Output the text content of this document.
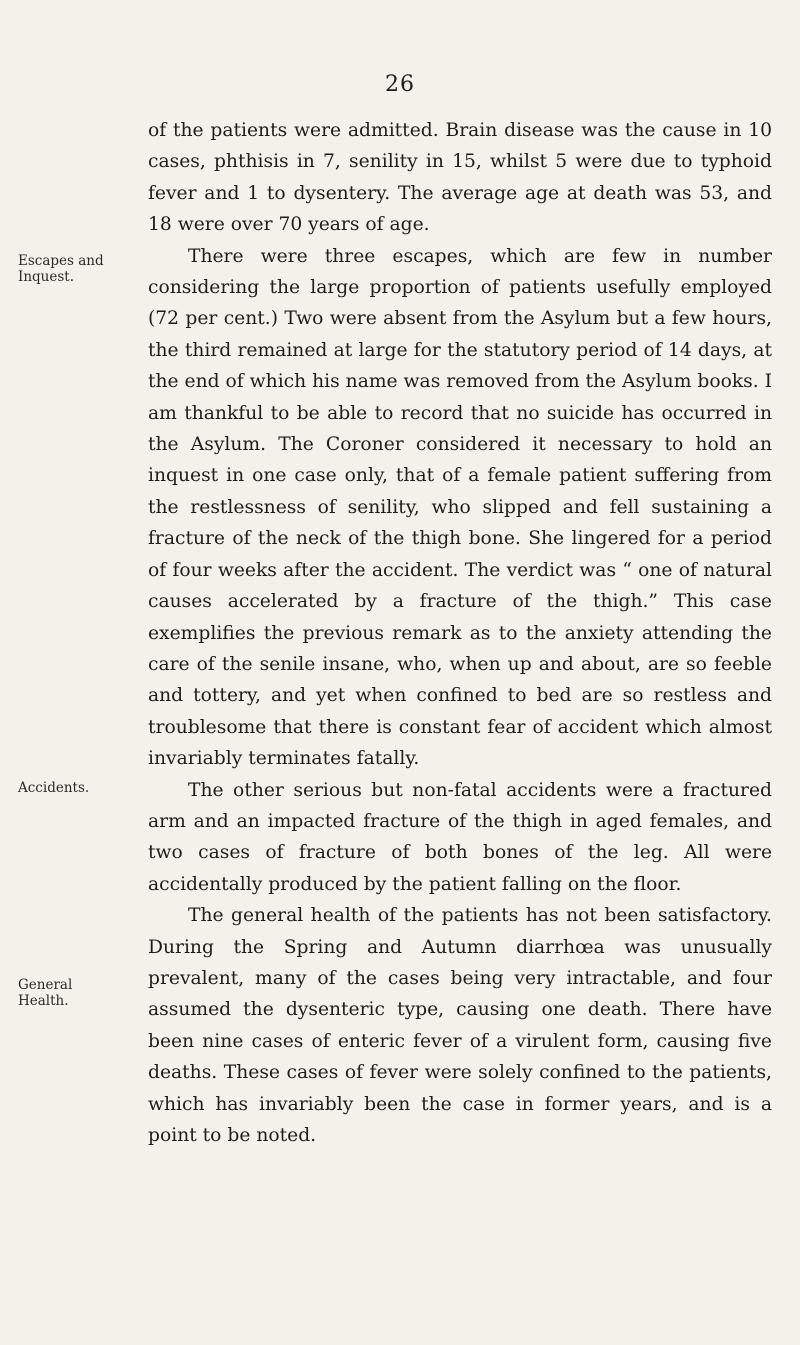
26
Escapes and Inquest.
Accidents.
General Health.

of the patients were admitted. Brain disease was the cause in 10 cases, phthisis in 7, senility in 15, whilst 5 were due to typhoid fever and 1 to dysentery. The average age at death was 53, and 18 were over 70 years of age.

There were three escapes, which are few in number considering the large proportion of patients usefully employed (72 per cent.) Two were absent from the Asylum but a few hours, the third remained at large for the statutory period of 14 days, at the end of which his name was removed from the Asylum books. I am thankful to be able to record that no suicide has occurred in the Asylum. The Coroner considered it necessary to hold an inquest in one case only, that of a female patient suffering from the restlessness of senility, who slipped and fell sustaining a fracture of the neck of the thigh bone. She lingered for a period of four weeks after the accident. The verdict was “ one of natural causes accelerated by a fracture of the thigh.” This case exemplifies the previous remark as to the anxiety attending the care of the senile insane, who, when up and about, are so feeble and tottery, and yet when confined to bed are so restless and troublesome that there is constant fear of accident which almost invariably terminates fatally.

The other serious but non-fatal accidents were a fractured arm and an impacted fracture of the thigh in aged females, and two cases of fracture of both bones of the leg. All were accidentally produced by the patient falling on the floor.

The general health of the patients has not been satisfactory. During the Spring and Autumn diarrhœa was unusually prevalent, many of the cases being very intractable, and four assumed the dysenteric type, causing one death. There have been nine cases of enteric fever of a virulent form, causing five deaths. These cases of fever were solely confined to the patients, which has invariably been the case in former years, and is a point to be noted.
